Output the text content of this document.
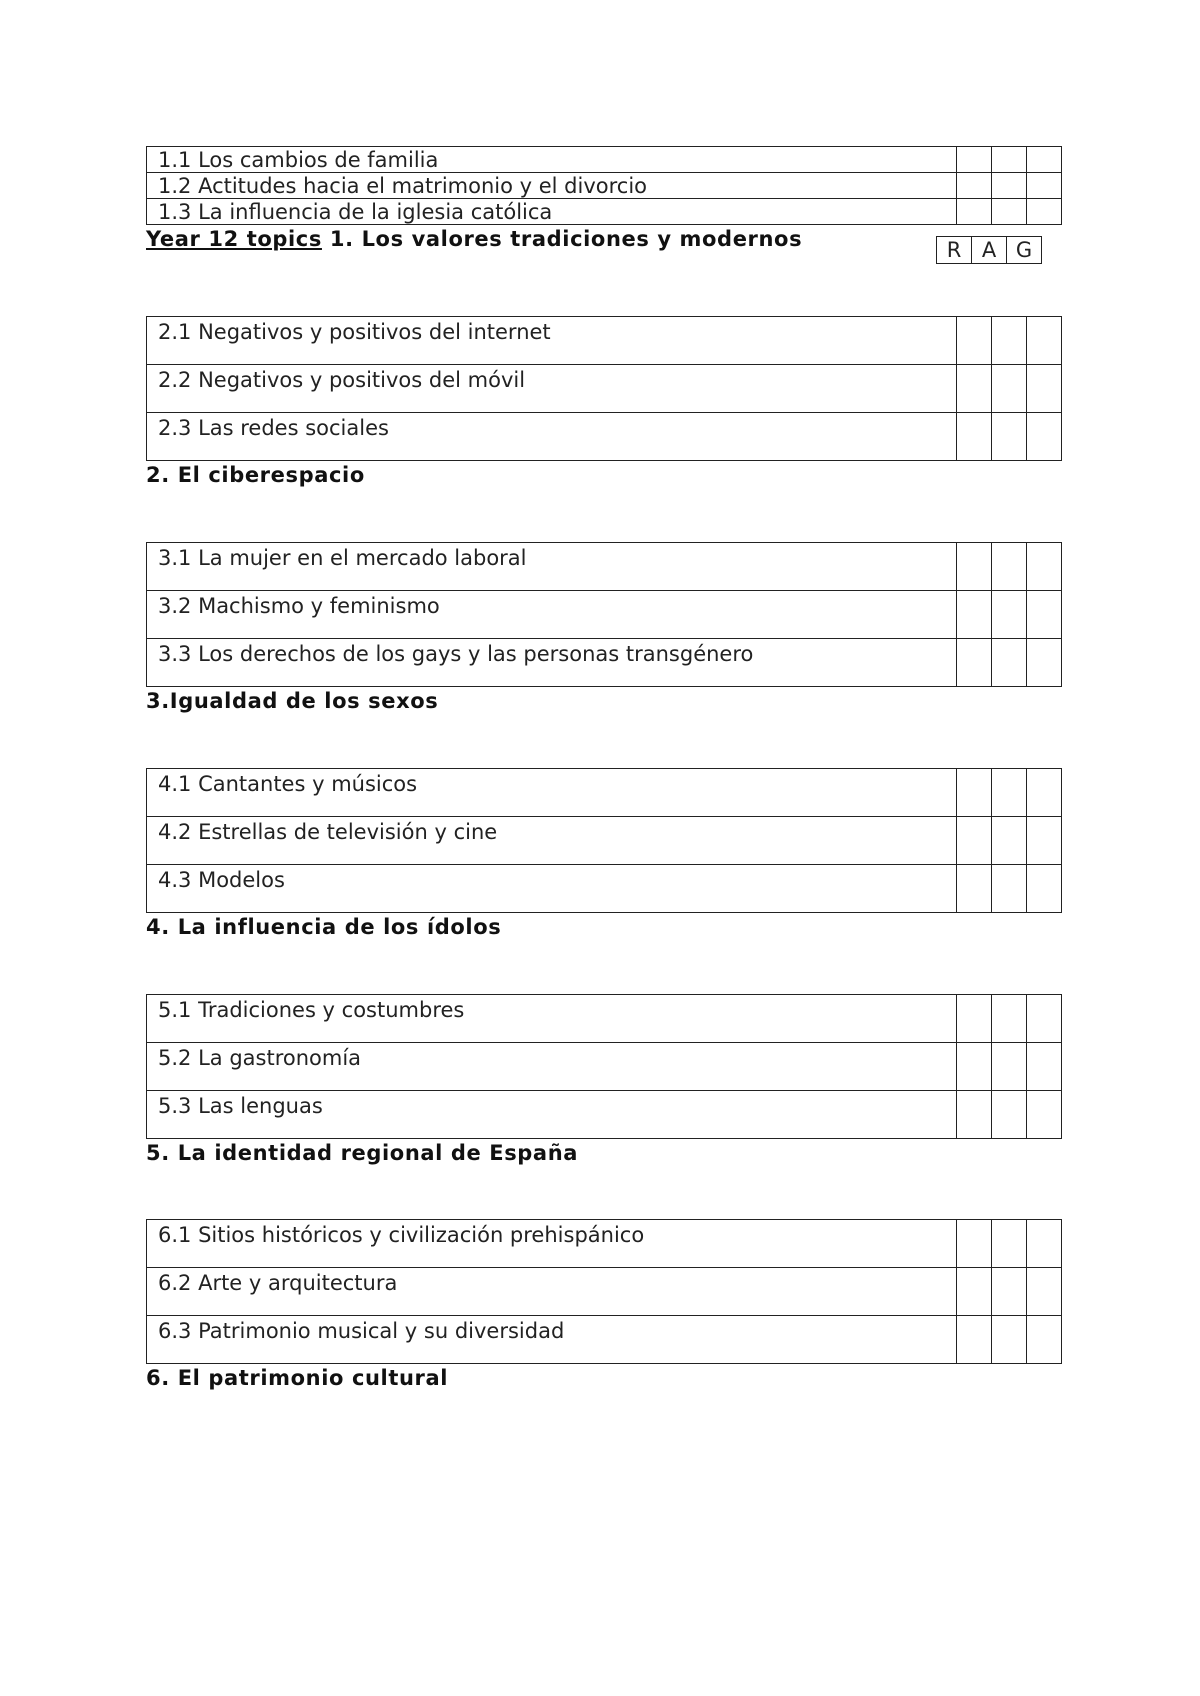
1.1 Los cambios de familia			
1.2 Actitudes hacia el matrimonio y el divorcio			
1.3 La influencia de la iglesia católica			
Year 12 topics 1. Los valores tradiciones y modernos	R	A	G
2.1 Negativos y positivos del internet			
2.2 Negativos y positivos del móvil			
2.3 Las redes sociales			
2. El ciberespacio
3.1 La mujer en el mercado laboral			
3.2 Machismo y feminismo			
3.3 Los derechos de los gays y las personas transgénero			
3.Igualdad de los sexos
4.1 Cantantes y músicos			
4.2 Estrellas de televisión y cine			
4.3 Modelos			
4. La influencia de los ídolos
5.1 Tradiciones y costumbres			
5.2 La gastronomía			
5.3 Las lenguas			
5. La identidad regional de España
6.1 Sitios históricos y civilización prehispánico			
6.2 Arte y arquitectura			
6.3 Patrimonio musical y su diversidad			
6. El patrimonio cultural
